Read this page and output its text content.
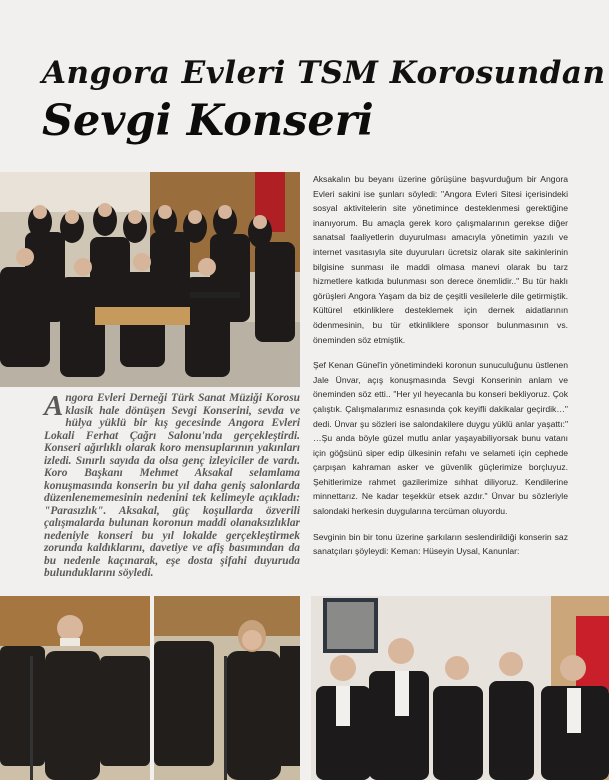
Angora Evleri TSM Korosundan
Sevgi Konseri
Angora Evleri Derneği Türk Sanat Müziği Korosu klasik hale dönüşen Sevgi Konserini, sevda ve hülya yüklü bir kış gecesinde Angora Evleri Lokali Ferhat Çağrı Salonu'nda gerçekleştirdi. Konseri ağırlıklı olarak koro mensuplarının yakınları izledi. Sınırlı sayıda da olsa genç izleyiciler de vardı. Koro Başkanı Mehmet Aksakal selamlama konuşmasında konserin bu yıl daha geniş salonlarda düzenlenememesinin nedenini tek kelimeyle açıkladı: "Parasızlık". Aksakal, güç koşullarda özverili çalışmalarda bulunan koronun maddi olanaksızlıklar nedeniyle konseri bu yıl lokalde gerçekleştirmek zorunda kaldıklarını, davetiye ve afiş basımından da bu nedenle kaçınarak, eşe dosta şifahi duyuruda bulunduklarını söyledi.

Aksakalın bu beyanı üzerine görüşüne başvurduğum bir Angora Evleri sakini ise şunları söyledi: "Angora Evleri Sitesi içerisindeki sosyal aktivitelerin site yönetimince desteklenmesi gerektiğine inanıyorum. Bu amaçla gerek koro çalışmalarının gerekse diğer sanatsal faaliyetlerin duyurulması amacıyla yönetimin yazılı ve internet vasıtasıyla site duyuruları ücretsiz olarak site sakinlerinin bilgisine sunması ile maddi olmasa manevi olarak bu tarz hizmetlere katkıda bulunması son derece önemlidir.." Bu tür haklı görüşleri Angora Yaşam da biz de çeşitli vesilelerle dile getirmiştik. Kültürel etkinliklere desteklemek için dernek aidatlarının ödenmesinin, bu tür etkinliklere sponsor bulunmasının vs. öneminden söz etmiştik.

Şef Kenan Günel'in yönetimindeki koronun sunuculuğunu üstlenen Jale Ünvar, açış konuşmasında Sevgi Konserinin anlam ve öneminden söz etti.. "Her yıl heyecanla bu konseri bekliyoruz. Çok çalıştık. Çalışmalarımız esnasında çok keyifli dakikalar geçirdik…" dedi. Ünvar şu sözleri ise salondakilere duygu yüklü anlar yaşattı:" …Şu anda böyle güzel mutlu anlar yaşayabiliyorsak bunu vatanı için göğsünü siper edip ülkesinin refahı ve selameti için cephede çarpışan kahraman asker ve güvenlik güçlerimize borçluyuz. Şehitlerimize rahmet gazilerimize sıhhat diliyoruz. Kendilerine minnettarız. Ne kadar teşekkür etsek azdır." Ünvar bu sözleriyle salondaki herkesin duygularına tercüman oluyordu.

Sevginin bin bir tonu üzerine şarkıların seslendirildiği konserin saz sanatçıları şöyleydi: Keman: Hüseyin Uysal, Kanunlar:
